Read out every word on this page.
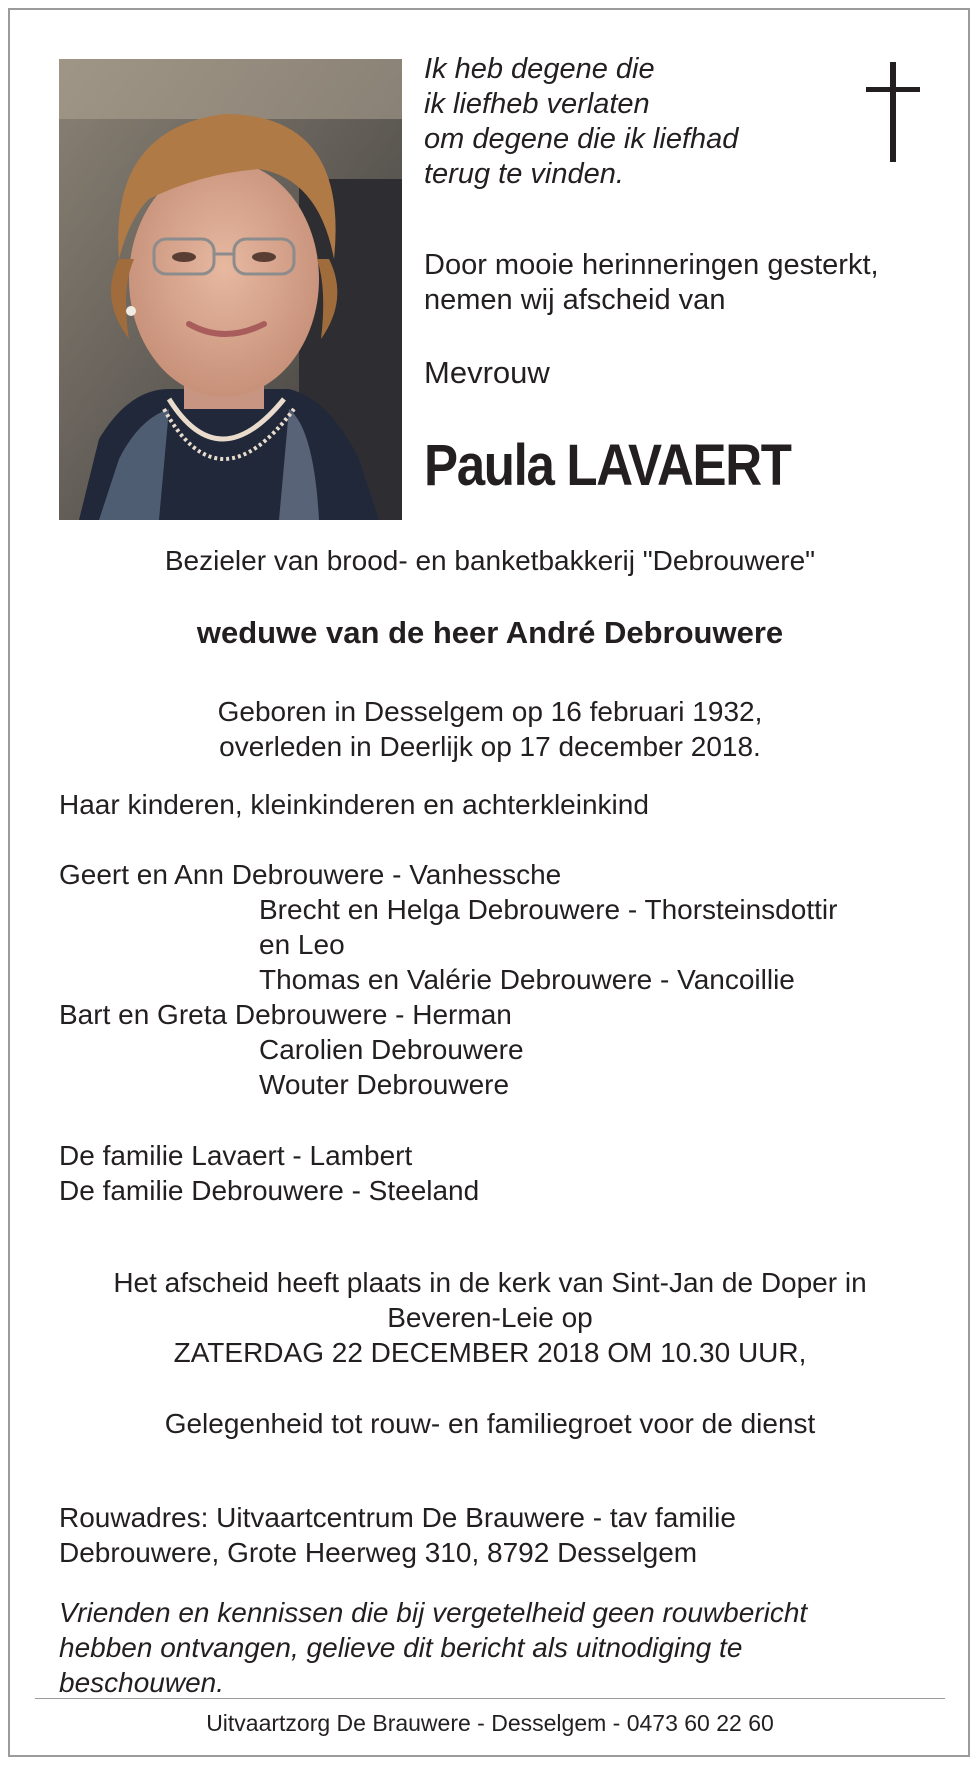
Ik heb degene die
ik liefheb verlaten
om degene die ik liefhad
terug te vinden.
Door mooie herinneringen gesterkt,
nemen wij afscheid van
Mevrouw
Paula LAVAERT
Bezieler van brood- en banketbakkerij "Debrouwere"
weduwe van de heer André Debrouwere
Geboren in Desselgem op 16 februari 1932,
overleden in Deerlijk op 17 december 2018.
Haar kinderen, kleinkinderen en achterkleinkind
Geert en Ann Debrouwere - Vanhessche
Brecht en Helga Debrouwere - Thorsteinsdottir
en Leo
Thomas en Valérie Debrouwere - Vancoillie
Bart en Greta Debrouwere - Herman
Carolien Debrouwere
Wouter Debrouwere
De familie Lavaert - Lambert
De familie Debrouwere - Steeland
Het afscheid heeft plaats in de kerk van Sint-Jan de Doper in
Beveren-Leie op
ZATERDAG 22 DECEMBER 2018 OM 10.30 UUR,
Gelegenheid tot rouw- en familiegroet voor de dienst
Rouwadres: Uitvaartcentrum De Brauwere - tav familie
Debrouwere, Grote Heerweg 310, 8792 Desselgem
Vrienden en kennissen die bij vergetelheid geen rouwbericht
hebben ontvangen, gelieve dit bericht als uitnodiging te
beschouwen.
Uitvaartzorg De Brauwere - Desselgem - 0473 60 22 60
